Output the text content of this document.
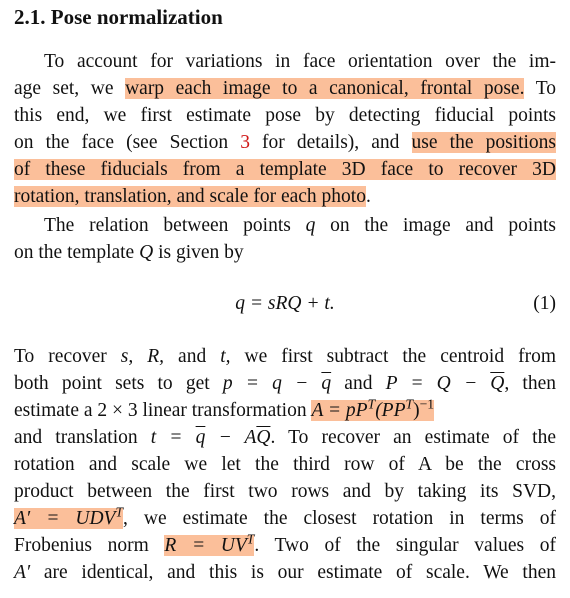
2.1. Pose normalization
To account for variations in face orientation over the im-
age set, we warp each image to a canonical, frontal pose. To
this end, we first estimate pose by detecting fiducial points
on the face (see Section 3 for details), and use the positions
of these fiducials from a template 3D face to recover 3D
rotation, translation, and scale for each photo.
The relation between points q on the image and points
on the template Q is given by
q = sRQ + t.	(1)
To recover s, R, and t, we first subtract the centroid from
both point sets to get $p = q - \overline{q}$ and $P = Q - \overline{Q}$, then
estimate a 2 × 3 linear transformation $A = pP^T(PP^T)^{-1}$
and translation $t = \overline{q} - A\overline{Q}$. To recover an estimate of the
rotation and scale we let the third row of A be the cross
product between the first two rows and by taking its SVD,
$A' = UDV^T$, we estimate the closest rotation in terms of
Frobenius norm $R = UV^T$. Two of the singular values of
A′ are identical, and this is our estimate of scale. We then
